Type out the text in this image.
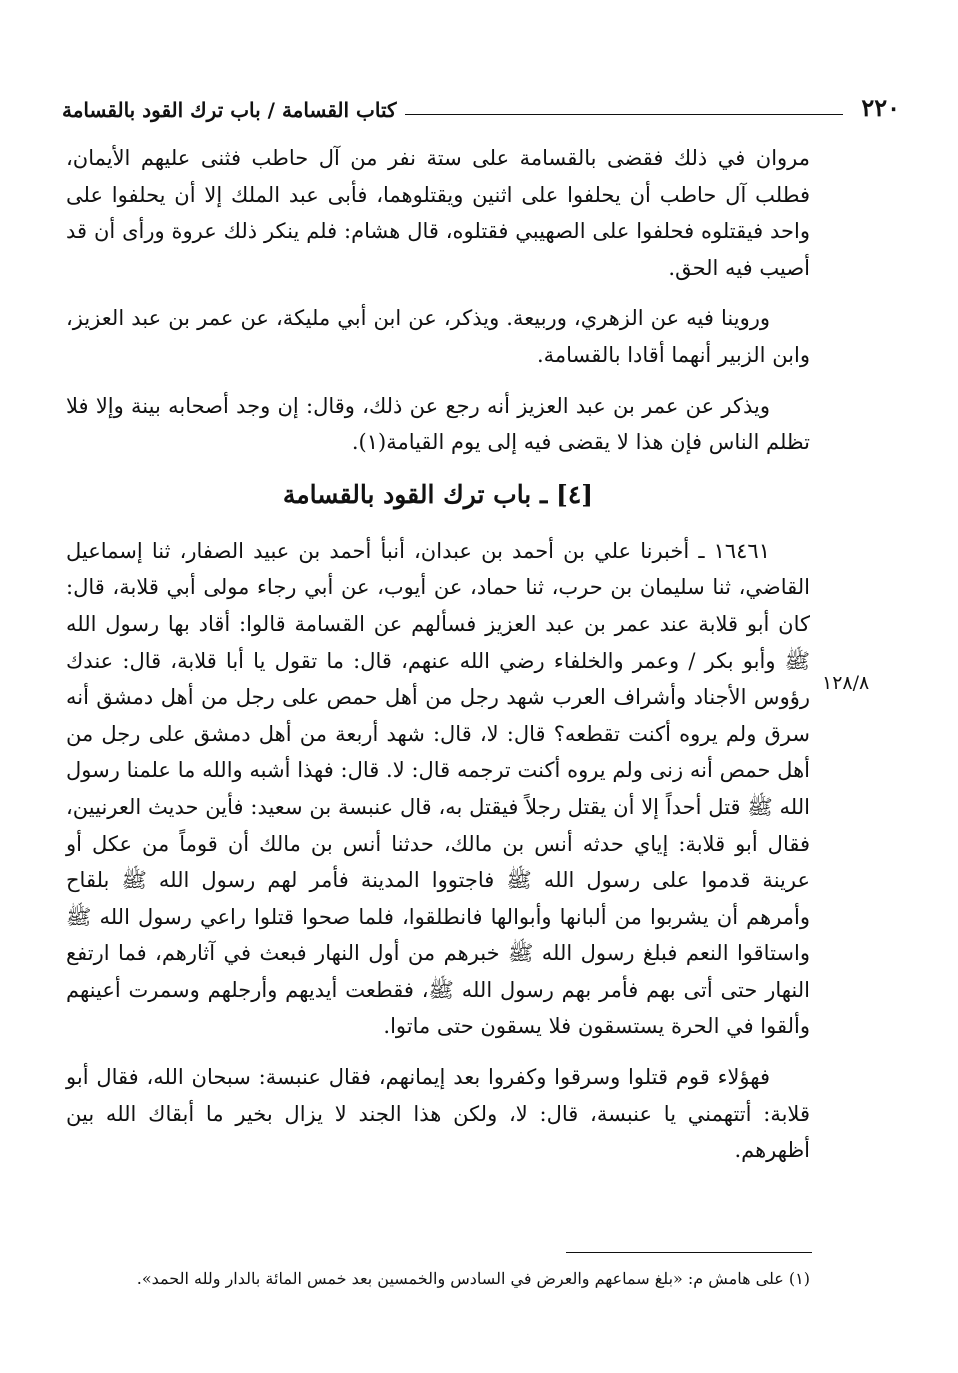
٢٢٠
كتاب القسامة / باب ترك القود بالقسامة

مروان في ذلك فقضى بالقسامة على ستة نفر من آل حاطب فثنى عليهم الأيمان، فطلب آل حاطب أن يحلفوا على اثنين ويقتلوهما، فأبى عبد الملك إلا أن يحلفوا على واحد فيقتلوه فحلفوا على الصهيبي فقتلوه، قال هشام: فلم ينكر ذلك عروة ورأى أن قد أصيب فيه الحق.

وروينا فيه عن الزهري، وربيعة. ويذكر، عن ابن أبي مليكة، عن عمر بن عبد العزيز، وابن الزبير أنهما أقادا بالقسامة.

ويذكر عن عمر بن عبد العزيز أنه رجع عن ذلك، وقال: إن وجد أصحابه بينة وإلا فلا تظلم الناس فإن هذا لا يقضى فيه إلى يوم القيامة(١).

[٤] ـ باب ترك القود بالقسامة

١٦٤٦١ ـ أخبرنا علي بن أحمد بن عبدان، أنبأ أحمد بن عبيد الصفار، ثنا إسماعيل القاضي، ثنا سليمان بن حرب، ثنا حماد، عن أيوب، عن أبي رجاء مولى أبي قلابة، قال: كان أبو قلابة عند عمر بن عبد العزيز فسألهم عن القسامة قالوا: أقاد بها رسول الله ﷺ وأبو بكر / وعمر والخلفاء رضي الله عنهم، قال: ما تقول يا أبا قلابة، قال: عندك رؤوس الأجناد وأشراف العرب شهد رجل من أهل حمص على رجل من أهل دمشق أنه سرق ولم يروه أكنت تقطعه؟ قال: لا، قال: شهد أربعة من أهل دمشق على رجل من أهل حمص أنه زنى ولم يروه أكنت ترجمه قال: لا. قال: فهذا أشبه والله ما علمنا رسول الله ﷺ قتل أحداً إلا أن يقتل رجلاً فيقتل به، قال عنبسة بن سعيد: فأين حديث العرنيين، فقال أبو قلابة: إياي حدثه أنس بن مالك، حدثنا أنس بن مالك أن قوماً من عكل أو عرينة قدموا على رسول الله ﷺ فاجتووا المدينة فأمر لهم رسول الله ﷺ بلقاح وأمرهم أن يشربوا من ألبانها وأبوالها فانطلقوا، فلما صحوا قتلوا راعي رسول الله ﷺ واستاقوا النعم فبلغ رسول الله ﷺ خبرهم من أول النهار فبعث في آثارهم، فما ارتفع النهار حتى أتى بهم فأمر بهم رسول الله ﷺ، فقطعت أيديهم وأرجلهم وسمرت أعينهم وألقوا في الحرة يستسقون فلا يسقون حتى ماتوا.

فهؤلاء قوم قتلوا وسرقوا وكفروا بعد إيمانهم، فقال عنبسة: سبحان الله، فقال أبو قلابة: أتتهمني يا عنبسة، قال: لا، ولكن هذا الجند لا يزال بخير ما أبقاك الله بين أظهرهم.

١٢٨/٨
(١) على هامش م: «بلغ سماعهم والعرض في السادس والخمسين بعد خمس المائة بالدار ولله الحمد».
